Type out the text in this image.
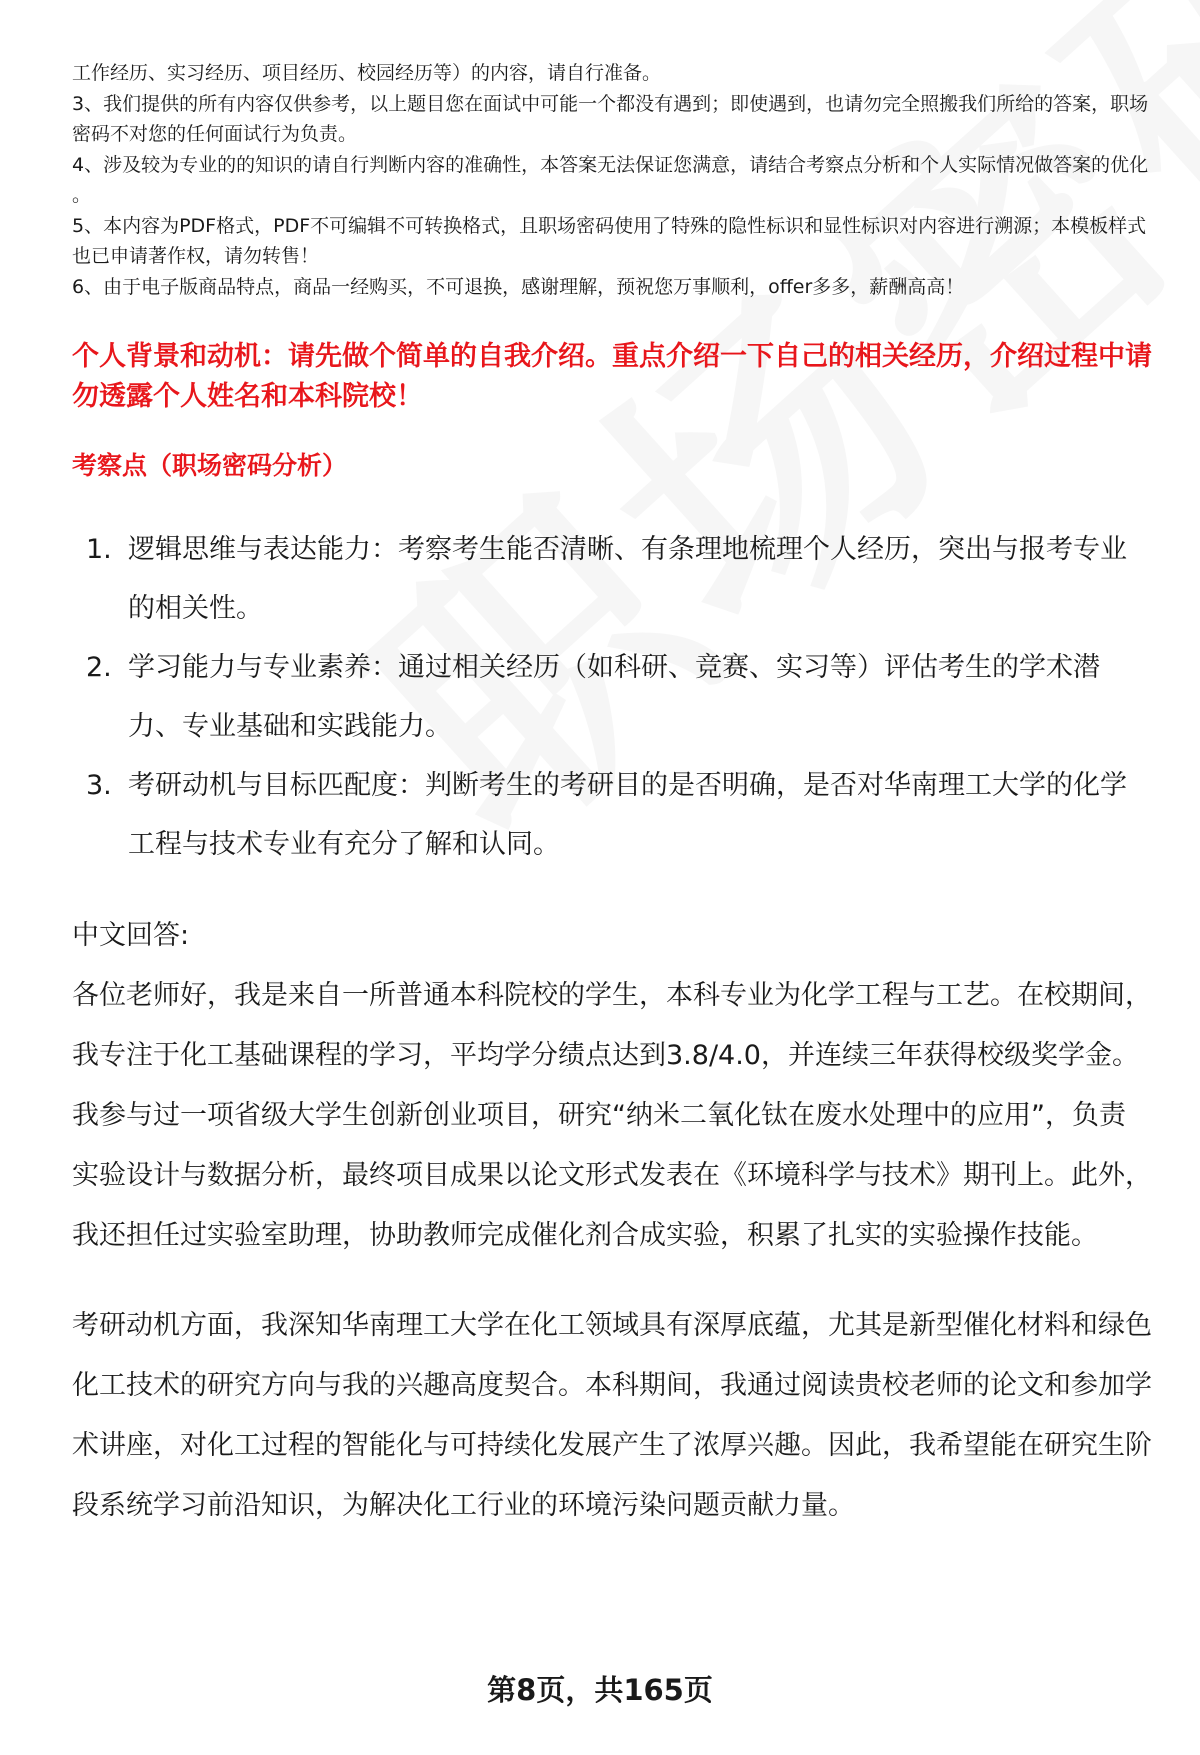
工作经历、实习经历、项目经历、校园经历等）的内容，请自行准备。

3、我们提供的所有内容仅供参考，以上题目您在面试中可能一个都没有遇到；即使遇到，也请勿完全照搬我们所给的答案，职场密码不对您的任何面试行为负责。

4、涉及较为专业的的知识的请自行判断内容的准确性，本答案无法保证您满意，请结合考察点分析和个人实际情况做答案的优化 。

5、本内容为PDF格式，PDF不可编辑不可转换格式，且职场密码使用了特殊的隐性标识和显性标识对内容进行溯源；本模板样式也已申请著作权，请勿转售！

6、由于电子版商品特点，商品一经购买，不可退换，感谢理解，预祝您万事顺利，offer多多，薪酬高高！

个人背景和动机：请先做个简单的自我介绍。重点介绍一下自己的相关经历，介绍过程中请勿透露个人姓名和本科院校！

考察点（职场密码分析）

1. 逻辑思维与表达能力：考察考生能否清晰、有条理地梳理个人经历，突出与报考专业的相关性。
2. 学习能力与专业素养：通过相关经历（如科研、竞赛、实习等）评估考生的学术潜力、专业基础和实践能力。
3. 考研动机与目标匹配度：判断考生的考研目的是否明确，是否对华南理工大学的化学工程与技术专业有充分了解和认同。

中文回答:

各位老师好，我是来自一所普通本科院校的学生，本科专业为化学工程与工艺。在校期间，我专注于化工基础课程的学习，平均学分绩点达到3.8/4.0，并连续三年获得校级奖学金。我参与过一项省级大学生创新创业项目，研究“纳米二氧化钛在废水处理中的应用”，负责实验设计与数据分析，最终项目成果以论文形式发表在《环境科学与技术》期刊上。此外，我还担任过实验室助理，协助教师完成催化剂合成实验，积累了扎实的实验操作技能。

考研动机方面，我深知华南理工大学在化工领域具有深厚底蕴，尤其是新型催化材料和绿色化工技术的研究方向与我的兴趣高度契合。本科期间，我通过阅读贵校老师的论文和参加学术讲座，对化工过程的智能化与可持续化发展产生了浓厚兴趣。因此，我希望能在研究生阶段系统学习前沿知识，为解决化工行业的环境污染问题贡献力量。

第8页，共165页
